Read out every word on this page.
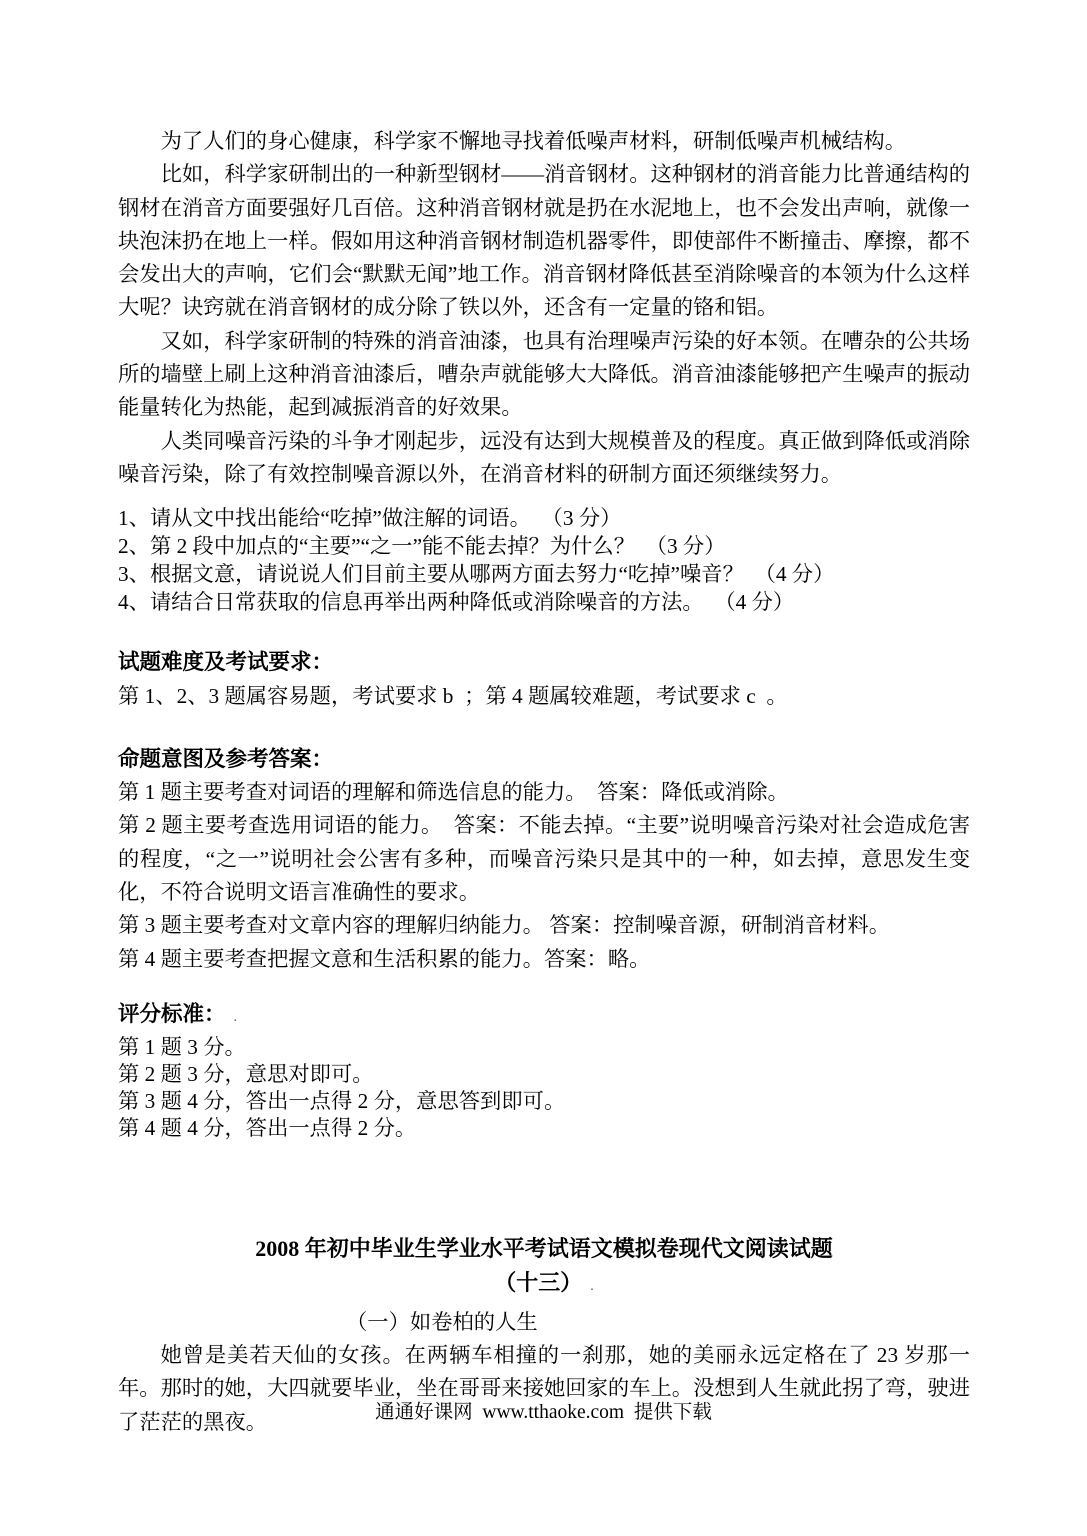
为了人们的身心健康，科学家不懈地寻找着低噪声材料，研制低噪声机械结构。

比如，科学家研制出的一种新型钢材——消音钢材。这种钢材的消音能力比普通结构的钢材在消音方面要强好几百倍。这种消音钢材就是扔在水泥地上，也不会发出声响，就像一块泡沫扔在地上一样。假如用这种消音钢材制造机器零件，即使部件不断撞击、摩擦，都不会发出大的声响，它们会“默默无闻”地工作。消音钢材降低甚至消除噪音的本领为什么这样大呢？诀窍就在消音钢材的成分除了铁以外，还含有一定量的铬和铝。

又如，科学家研制的特殊的消音油漆，也具有治理噪声污染的好本领。在嘈杂的公共场所的墙壁上刷上这种消音油漆后，嘈杂声就能够大大降低。消音油漆能够把产生噪声的振动能量转化为热能，起到减振消音的好效果。

人类同噪音污染的斗争才刚起步，远没有达到大规模普及的程度。真正做到降低或消除噪音污染，除了有效控制噪音源以外，在消音材料的研制方面还须继续努力。

1、请从文中找出能给“吃掉”做注解的词语。  （3 分）

2、第 2 段中加点的“主要”“之一”能不能去掉？为什么？  （3 分）

3、根据文意，请说说人们目前主要从哪两方面去努力“吃掉”噪音？  （4 分）

4、请结合日常获取的信息再举出两种降低或消除噪音的方法。  （4 分）

试题难度及考试要求：

第 1、2、3 题属容易题，考试要求 b  ；第 4 题属较难题，考试要求 c  。

命题意图及参考答案：

第 1 题主要考查对词语的理解和筛选信息的能力。  答案：降低或消除。

第 2 题主要考查选用词语的能力。  答案：不能去掉。“主要”说明噪音污染对社会造成危害的程度，“之一”说明社会公害有多种，而噪音污染只是其中的一种，如去掉，意思发生变化，不符合说明文语言准确性的要求。

第 3 题主要考查对文章内容的理解归纳能力。 答案：控制噪音源，研制消音材料。

第 4 题主要考查把握文意和生活积累的能力。答案：略。

评分标准： .

第 1 题 3 分。

第 2 题 3 分，意思对即可。

第 3 题 4 分，答出一点得 2 分，意思答到即可。

第 4 题 4 分，答出一点得 2 分。

2008 年初中毕业生学业水平考试语文模拟卷现代文阅读试题

（十三） .

（一）如卷柏的人生

她曾是美若天仙的女孩。在两辆车相撞的一刹那，她的美丽永远定格在了 23 岁那一年。那时的她，大四就要毕业，坐在哥哥来接她回家的车上。没想到人生就此拐了弯，驶进了茫茫的黑夜。	通通好课网  www.tthaoke.com  提供下载
